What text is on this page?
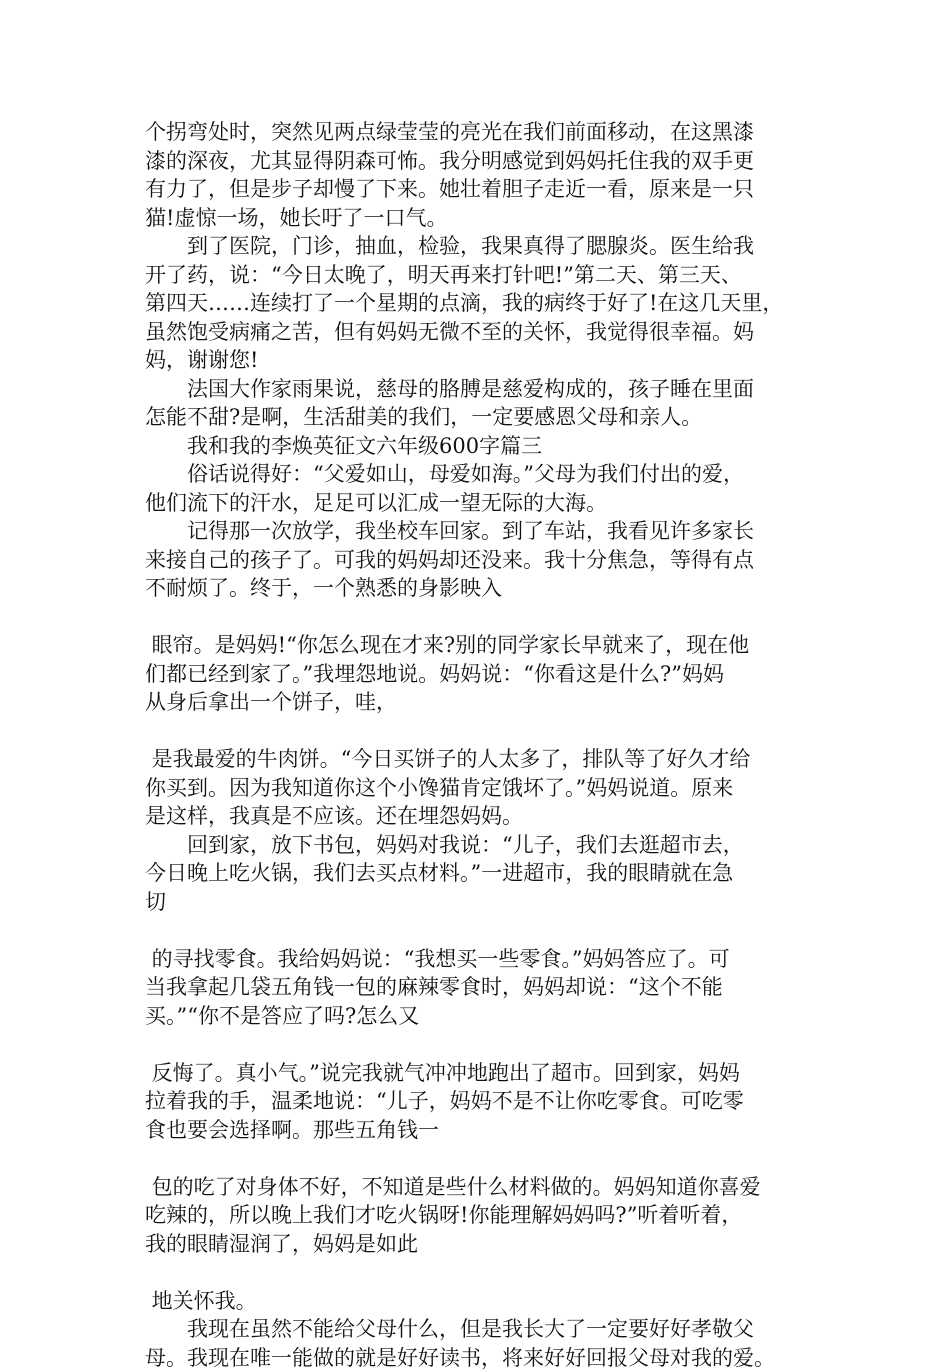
个拐弯处时，突然见两点绿莹莹的亮光在我们前面移动，在这黑漆
漆的深夜，尤其显得阴森可怖。我分明感觉到妈妈托住我的双手更
有力了，但是步子却慢了下来。她壮着胆子走近一看，原来是一只
猫!虚惊一场，她长吁了一口气。
　　到了医院，门诊，抽血，检验，我果真得了腮腺炎。医生给我
开了药，说：“今日太晚了，明天再来打针吧!”第二天、第三天、
第四天……连续打了一个星期的点滴，我的病终于好了!在这几天里，
虽然饱受病痛之苦，但有妈妈无微不至的关怀，我觉得很幸福。妈
妈，谢谢您!
　　法国大作家雨果说，慈母的胳膊是慈爱构成的，孩子睡在里面
怎能不甜?是啊，生活甜美的我们，一定要感恩父母和亲人。
　　我和我的李焕英征文六年级600字篇三
　　俗话说得好：“父爱如山，母爱如海。”父母为我们付出的爱，
他们流下的汗水，足足可以汇成一望无际的大海。
　　记得那一次放学，我坐校车回家。到了车站，我看见许多家长
来接自己的孩子了。可我的妈妈却还没来。我十分焦急，等得有点
不耐烦了。终于，一个熟悉的身影映入
眼帘。是妈妈!“你怎么现在才来?别的同学家长早就来了，现在他
们都已经到家了。”我埋怨地说。妈妈说：“你看这是什么?”妈妈
从身后拿出一个饼子，哇，
是我最爱的牛肉饼。“今日买饼子的人太多了，排队等了好久才给
你买到。因为我知道你这个小馋猫肯定饿坏了。”妈妈说道。原来
是这样，我真是不应该。还在埋怨妈妈。
　　回到家，放下书包，妈妈对我说：“儿子，我们去逛超市去，
今日晚上吃火锅，我们去买点材料。”一进超市，我的眼睛就在急
切
的寻找零食。我给妈妈说：“我想买一些零食。”妈妈答应了。可
当我拿起几袋五角钱一包的麻辣零食时，妈妈却说：“这个不能
买。”“你不是答应了吗?怎么又
反悔了。真小气。”说完我就气冲冲地跑出了超市。回到家，妈妈
拉着我的手，温柔地说：“儿子，妈妈不是不让你吃零食。可吃零
食也要会选择啊。那些五角钱一
包的吃了对身体不好，不知道是些什么材料做的。妈妈知道你喜爱
吃辣的，所以晚上我们才吃火锅呀!你能理解妈妈吗?”听着听着，
我的眼睛湿润了，妈妈是如此
地关怀我。
　　我现在虽然不能给父母什么，但是我长大了一定要好好孝敬父
母。我现在唯一能做的就是好好读书，将来好好回报父母对我的爱。
